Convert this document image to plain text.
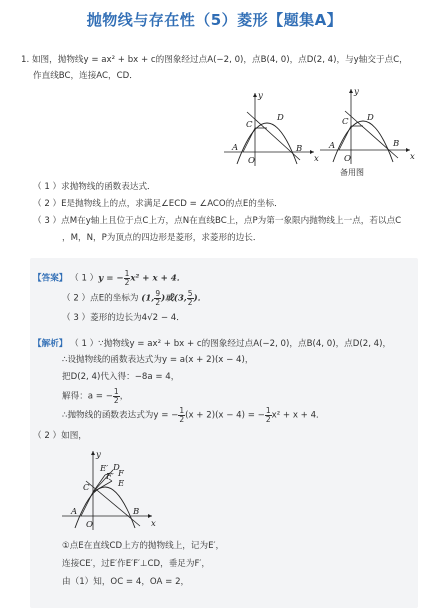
抛物线与存在性（5）菱形【题集A】
1. 如图，抛物线y = ax² + bx + c的图象经过点A(−2, 0)，点B(4, 0)，点D(2, 4)，与y轴交于点C，
作直线BC，连接AC，CD．
y
x
C
D
A
O
B
y
x
C D
A
O
B
备用图
（ 1 ）求抛物线的函数表达式．
（ 2 ）E是抛物线上的点，求满足∠ECD = ∠ACO的点E的坐标．
（ 3 ）点M在y轴上且位于点C上方，点N在直线BC上，点P为第一象限内抛物线上一点，若以点C
，M，N，P为顶点的四边形是菱形，求菱形的边长．
【答案】 （ 1 ）y = − $\frac{1}{2} x^2 + x + 4$．
（ 2 ）点E的坐标为 (1, $\frac{9}{2}$ )或(3, $\frac{5}{2}$ )．
（ 3 ）菱形的边长为4√2 − 4．
【解析】 （ 1 ）∵抛物线y = ax² + bx + c的图象经过点A(−2, 0)，点B(4, 0)，点D(2, 4)，
∴设抛物线的函数表达式为y = a(x + 2)(x − 4)，
把D(2, 4)代入得：−8a = 4，
解得：a = − $\frac{1}{2}$ ，
∴抛物线的函数表达式为y = − $\frac{1}{2} (x + 2)(x - 4)$ = − $\frac{1}{2} x^2 + x + 4$．
（ 2 ）如图，
y
x
C
E′ D
F′ F
E
A
O
B
①点E在直线CD上方的抛物线上，记为E′，
连接CE′，过E′作E′F′⊥CD，垂足为F′，
由（1）知，OC = 4，OA = 2，
